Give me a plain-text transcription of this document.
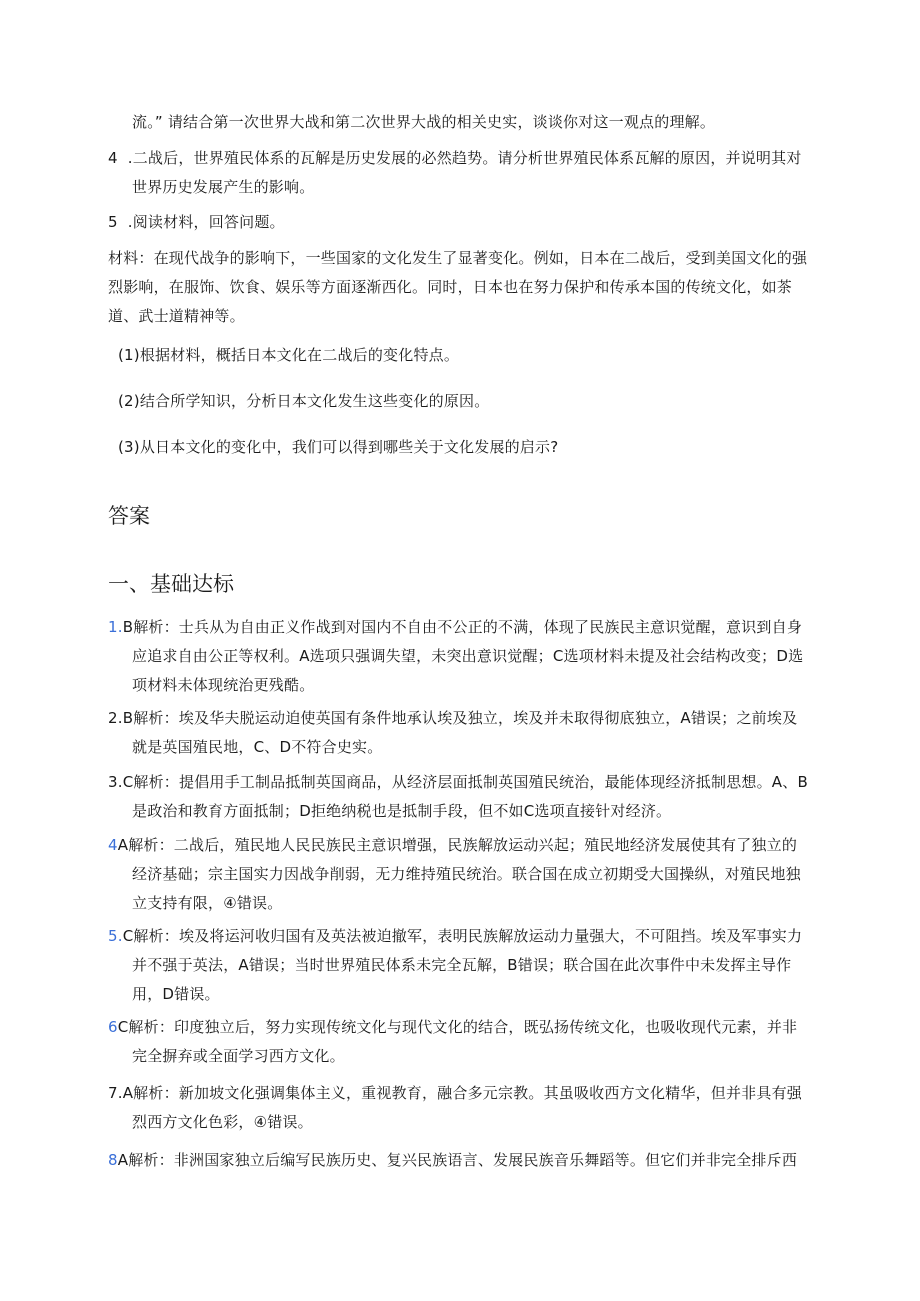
流。” 请结合第一次世界大战和第二次世界大战的相关史实，谈谈你对这一观点的理解。
4 .二战后，世界殖民体系的瓦解是历史发展的必然趋势。请分析世界殖民体系瓦解的原因，并说明其对世界历史发展产生的影响。
5 .阅读材料，回答问题。
材料：在现代战争的影响下，一些国家的文化发生了显著变化。例如，日本在二战后，受到美国文化的强烈影响，在服饰、饮食、娱乐等方面逐渐西化。同时，日本也在努力保护和传承本国的传统文化，如茶道、武士道精神等。
(1)根据材料，概括日本文化在二战后的变化特点。
(2)结合所学知识，分析日本文化发生这些变化的原因。
(3)从日本文化的变化中，我们可以得到哪些关于文化发展的启示?
答案
一、基础达标
1.B解析：士兵从为自由正义作战到对国内不自由不公正的不满，体现了民族民主意识觉醒，意识到自身应追求自由公正等权利。A选项只强调失望，未突出意识觉醒；C选项材料未提及社会结构改变；D选项材料未体现统治更残酷。
2.B解析：埃及华夫脱运动迫使英国有条件地承认埃及独立，埃及并未取得彻底独立，A错误；之前埃及就是英国殖民地，C、D不符合史实。
3.C解析：提倡用手工制品抵制英国商品，从经济层面抵制英国殖民统治，最能体现经济抵制思想。A、B是政治和教育方面抵制；D拒绝纳税也是抵制手段，但不如C选项直接针对经济。
4A解析：二战后，殖民地人民民族民主意识增强，民族解放运动兴起；殖民地经济发展使其有了独立的经济基础；宗主国实力因战争削弱，无力维持殖民统治。联合国在成立初期受大国操纵，对殖民地独立支持有限，④错误。
5.C解析：埃及将运河收归国有及英法被迫撤军，表明民族解放运动力量强大，不可阻挡。埃及军事实力并不强于英法，A错误；当时世界殖民体系未完全瓦解，B错误；联合国在此次事件中未发挥主导作用，D错误。
6C解析：印度独立后，努力实现传统文化与现代文化的结合，既弘扬传统文化，也吸收现代元素，并非完全摒弃或全面学习西方文化。
7.A解析：新加坡文化强调集体主义，重视教育，融合多元宗教。其虽吸收西方文化精华，但并非具有强烈西方文化色彩，④错误。
8A解析：非洲国家独立后编写民族历史、复兴民族语言、发展民族音乐舞蹈等。但它们并非完全排斥西
